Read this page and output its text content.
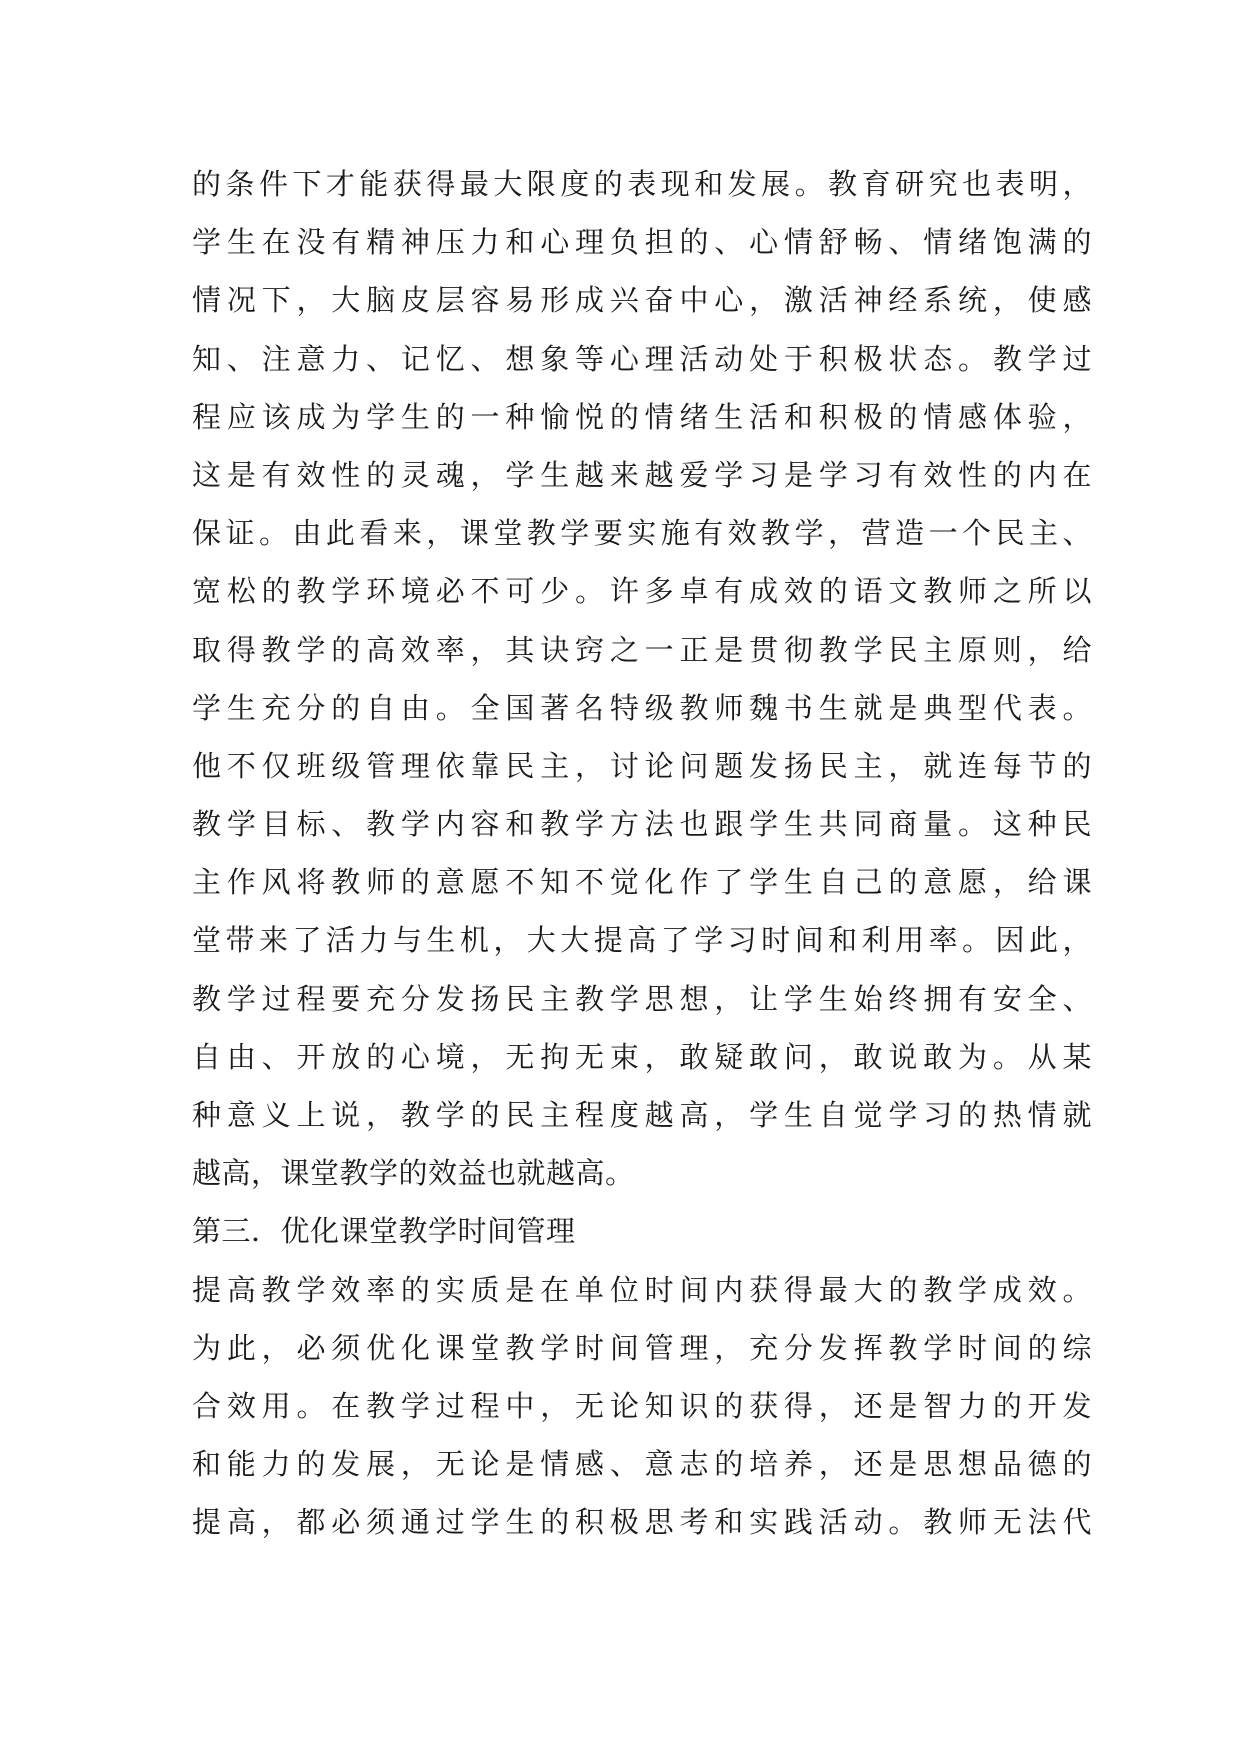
的条件下才能获得最大限度的表现和发展。教育研究也表明，
学生在没有精神压力和心理负担的、心情舒畅、情绪饱满的
情况下，大脑皮层容易形成兴奋中心，激活神经系统，使感
知、注意力、记忆、想象等心理活动处于积极状态。教学过
程应该成为学生的一种愉悦的情绪生活和积极的情感体验，
这是有效性的灵魂，学生越来越爱学习是学习有效性的内在
保证。由此看来，课堂教学要实施有效教学，营造一个民主、
宽松的教学环境必不可少。许多卓有成效的语文教师之所以
取得教学的高效率，其诀窍之一正是贯彻教学民主原则，给
学生充分的自由。全国著名特级教师魏书生就是典型代表。
他不仅班级管理依靠民主，讨论问题发扬民主，就连每节的
教学目标、教学内容和教学方法也跟学生共同商量。这种民
主作风将教师的意愿不知不觉化作了学生自己的意愿，给课
堂带来了活力与生机，大大提高了学习时间和利用率。因此，
教学过程要充分发扬民主教学思想，让学生始终拥有安全、
自由、开放的心境，无拘无束，敢疑敢问，敢说敢为。从某
种意义上说，教学的民主程度越高，学生自觉学习的热情就
越高，课堂教学的效益也就越高。
第三．优化课堂教学时间管理
提高教学效率的实质是在单位时间内获得最大的教学成效。
为此，必须优化课堂教学时间管理，充分发挥教学时间的综
合效用。在教学过程中，无论知识的获得，还是智力的开发
和能力的发展，无论是情感、意志的培养，还是思想品德的
提高，都必须通过学生的积极思考和实践活动。教师无法代
